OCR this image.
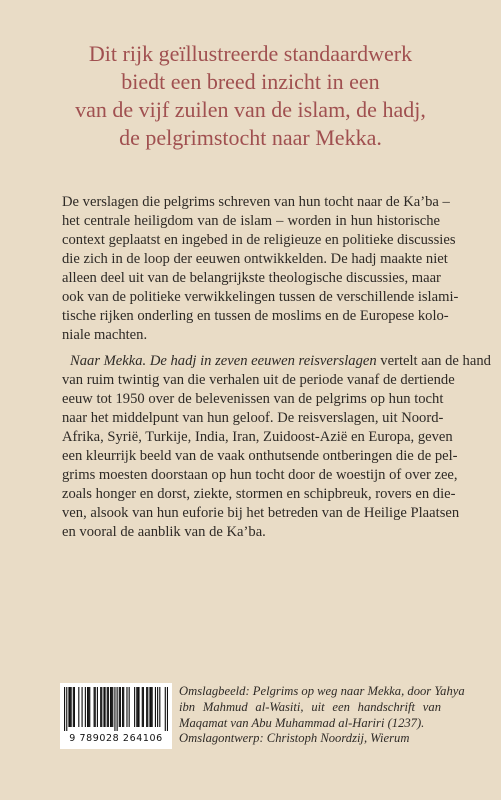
Dit rijk geïllustreerde standaardwerk
biedt een breed inzicht in een
van de vijf zuilen van de islam, de hadj,
de pelgrimstocht naar Mekka.
De verslagen die pelgrims schreven van hun tocht naar de Ka’ba –
het centrale heiligdom van de islam – worden in hun historische
context geplaatst en ingebed in de religieuze en politieke discussies
die zich in de loop der eeuwen ontwikkelden. De hadj maakte niet
alleen deel uit van de belangrijkste theologische discussies, maar
ook van de politieke verwikkelingen tussen de verschillende islami-
tische rijken onderling en tussen de moslims en de Europese kolo-
niale machten.
Naar Mekka. De hadj in zeven eeuwen reisverslagen vertelt aan de hand
van ruim twintig van die verhalen uit de periode vanaf de dertiende
eeuw tot 1950 over de belevenissen van de pelgrims op hun tocht
naar het middelpunt van hun geloof. De reisverslagen, uit Noord-
Afrika, Syrië, Turkije, India, Iran, Zuidoost-Azië en Europa, geven
een kleurrijk beeld van de vaak onthutsende ontberingen die de pel-
grims moesten doorstaan op hun tocht door de woestijn of over zee,
zoals honger en dorst, ziekte, stormen en schipbreuk, rovers en die-
ven, alsook van hun euforie bij het betreden van de Heilige Plaatsen
en vooral de aanblik van de Ka’ba.
9 789028 264106
Omslagbeeld: Pelgrims op weg naar Mekka, door Yahya
ibn Mahmud al-Wasiti, uit een handschrift van
Maqamat van Abu Muhammad al-Hariri (1237).
Omslagontwerp: Christoph Noordzij, Wierum
